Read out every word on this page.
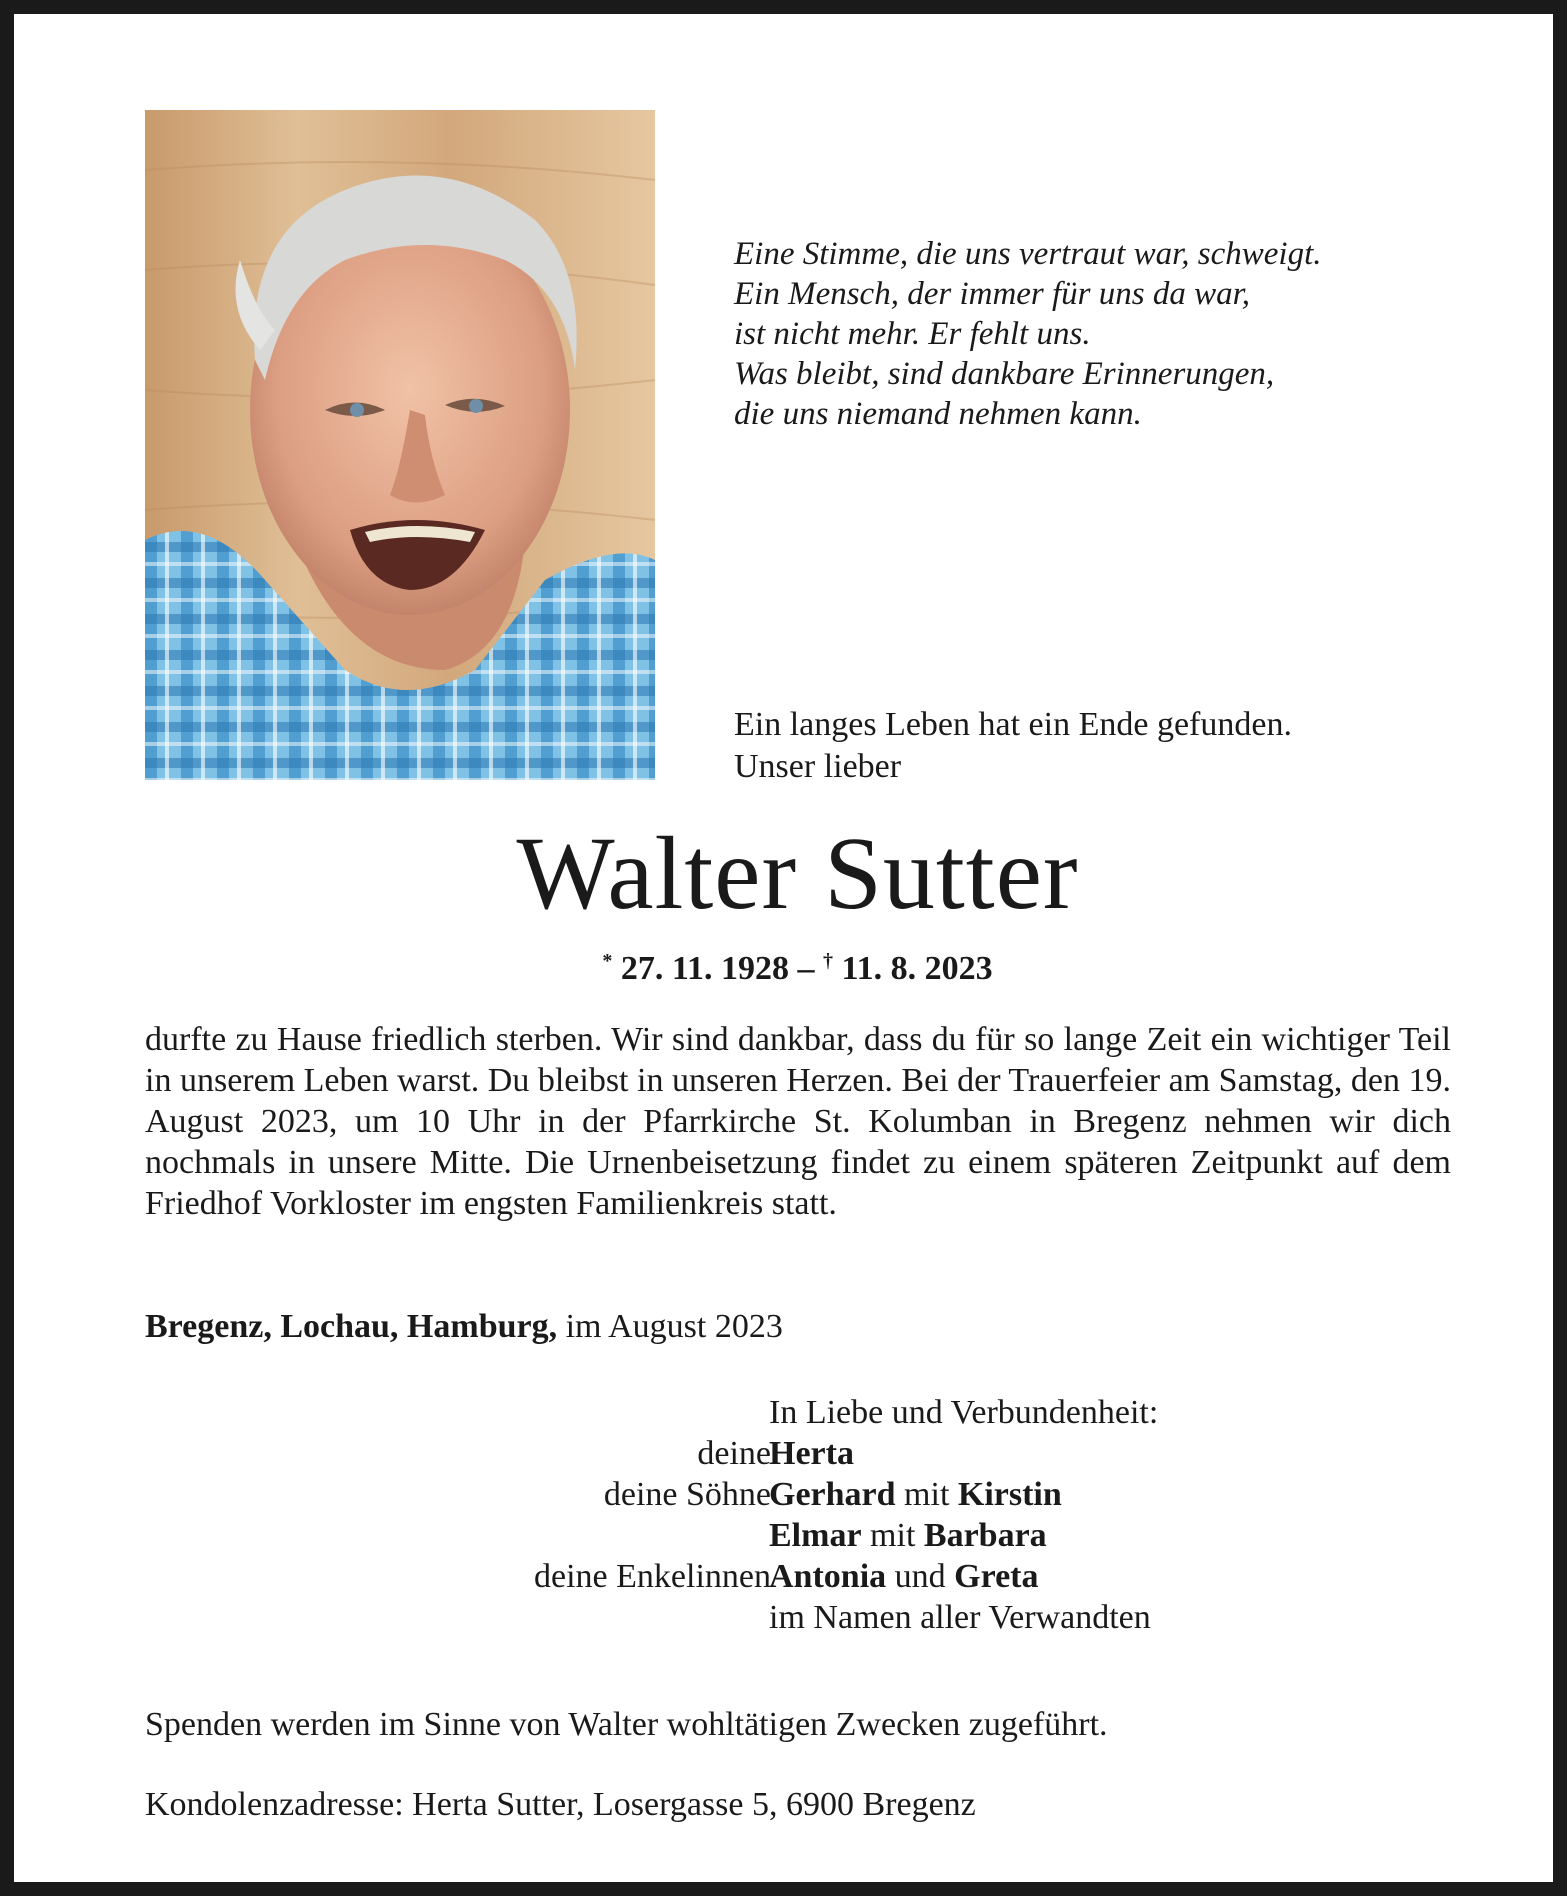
Eine Stimme, die uns vertraut war, schweigt.
Ein Mensch, der immer für uns da war,
ist nicht mehr. Er fehlt uns.
Was bleibt, sind dankbare Erinnerungen,
die uns niemand nehmen kann.
Ein langes Leben hat ein Ende gefunden.
Unser lieber
Walter Sutter
* 27. 11. 1928 – † 11. 8. 2023
durfte zu Hause friedlich sterben. Wir sind dankbar, dass du für so lange Zeit ein wichtiger Teil in unserem Leben warst. Du bleibst in unseren Herzen. Bei der Trauerfeier am Samstag, den 19. August 2023, um 10 Uhr in der Pfarrkirche St. Kolumban in Bregenz nehmen wir dich nochmals in unsere Mitte. Die Urnenbeisetzung findet zu einem späteren Zeitpunkt auf dem Friedhof Vorkloster im engsten Familienkreis statt.
Bregenz, Lochau, Hamburg, im August 2023
In Liebe und Verbundenheit:
deine
Herta
deine Söhne
Gerhard mit Kirstin
Elmar mit Barbara
deine Enkelinnen
Antonia und Greta
im Namen aller Verwandten
Spenden werden im Sinne von Walter wohltätigen Zwecken zugeführt.
Kondolenzadresse: Herta Sutter, Losergasse 5, 6900 Bregenz
